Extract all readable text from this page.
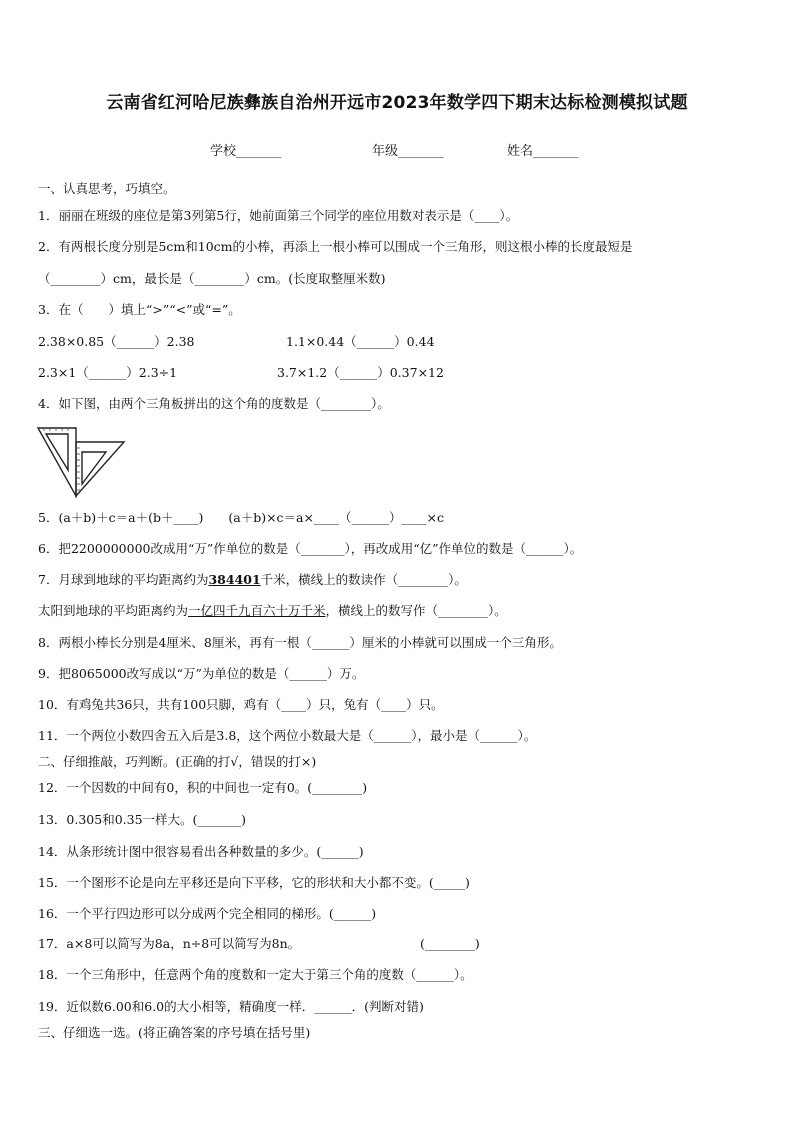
云南省红河哈尼族彝族自治州开远市2023年数学四下期末达标检测模拟试题
学校_______	年级_______	姓名_______
一、认真思考，巧填空。
1．丽丽在班级的座位是第3列第5行，她前面第三个同学的座位用数对表示是（____）。
2．有两根长度分别是5cm和10cm的小棒，再添上一根小棒可以围成一个三角形，则这根小棒的长度最短是
（________）cm，最长是（________）cm。(长度取整厘米数)
3．在（　　）填上“>”“<”或“=”。
2.38×0.85（______）2.38	1.1×0.44（______）0.44
2.3×1（______）2.3÷1	3.7×1.2（______）0.37×12
4．如下图，由两个三角板拼出的这个角的度数是（________）。
5．(a＋b)＋c＝a＋(b＋____)　　(a＋b)×c＝a×____（______）____×c
6．把2200000000改成用“万”作单位的数是（_______），再改成用“亿”作单位的数是（______）。
7．月球到地球的平均距离约为384401千米，横线上的数读作（________）。
太阳到地球的平均距离约为一亿四千九百六十万千米，横线上的数写作（________）。
8．两根小棒长分别是4厘米、8厘米，再有一根（______）厘米的小棒就可以围成一个三角形。
9．把8065000改写成以“万”为单位的数是（______）万。
10．有鸡兔共36只，共有100只脚，鸡有（____）只，兔有（____）只。
11．一个两位小数四舍五入后是3.8，这个两位小数最大是（______），最小是（______）。
二、仔细推敲，巧判断。(正确的打√，错误的打×)
12．一个因数的中间有0，积的中间也一定有0。(________)
13．0.305和0.35一样大。(_______)
14．从条形统计图中很容易看出各种数量的多少。(______)
15．一个图形不论是向左平移还是向下平移，它的形状和大小都不变。(_____)
16．一个平行四边形可以分成两个完全相同的梯形。(______)
17．a×8可以简写为8a，n÷8可以简写为8n。	(________)
18．一个三角形中，任意两个角的度数和一定大于第三个角的度数（______）。
19．近似数6.00和6.0的大小相等，精确度一样．______．(判断对错)
三、仔细选一选。(将正确答案的序号填在括号里)
